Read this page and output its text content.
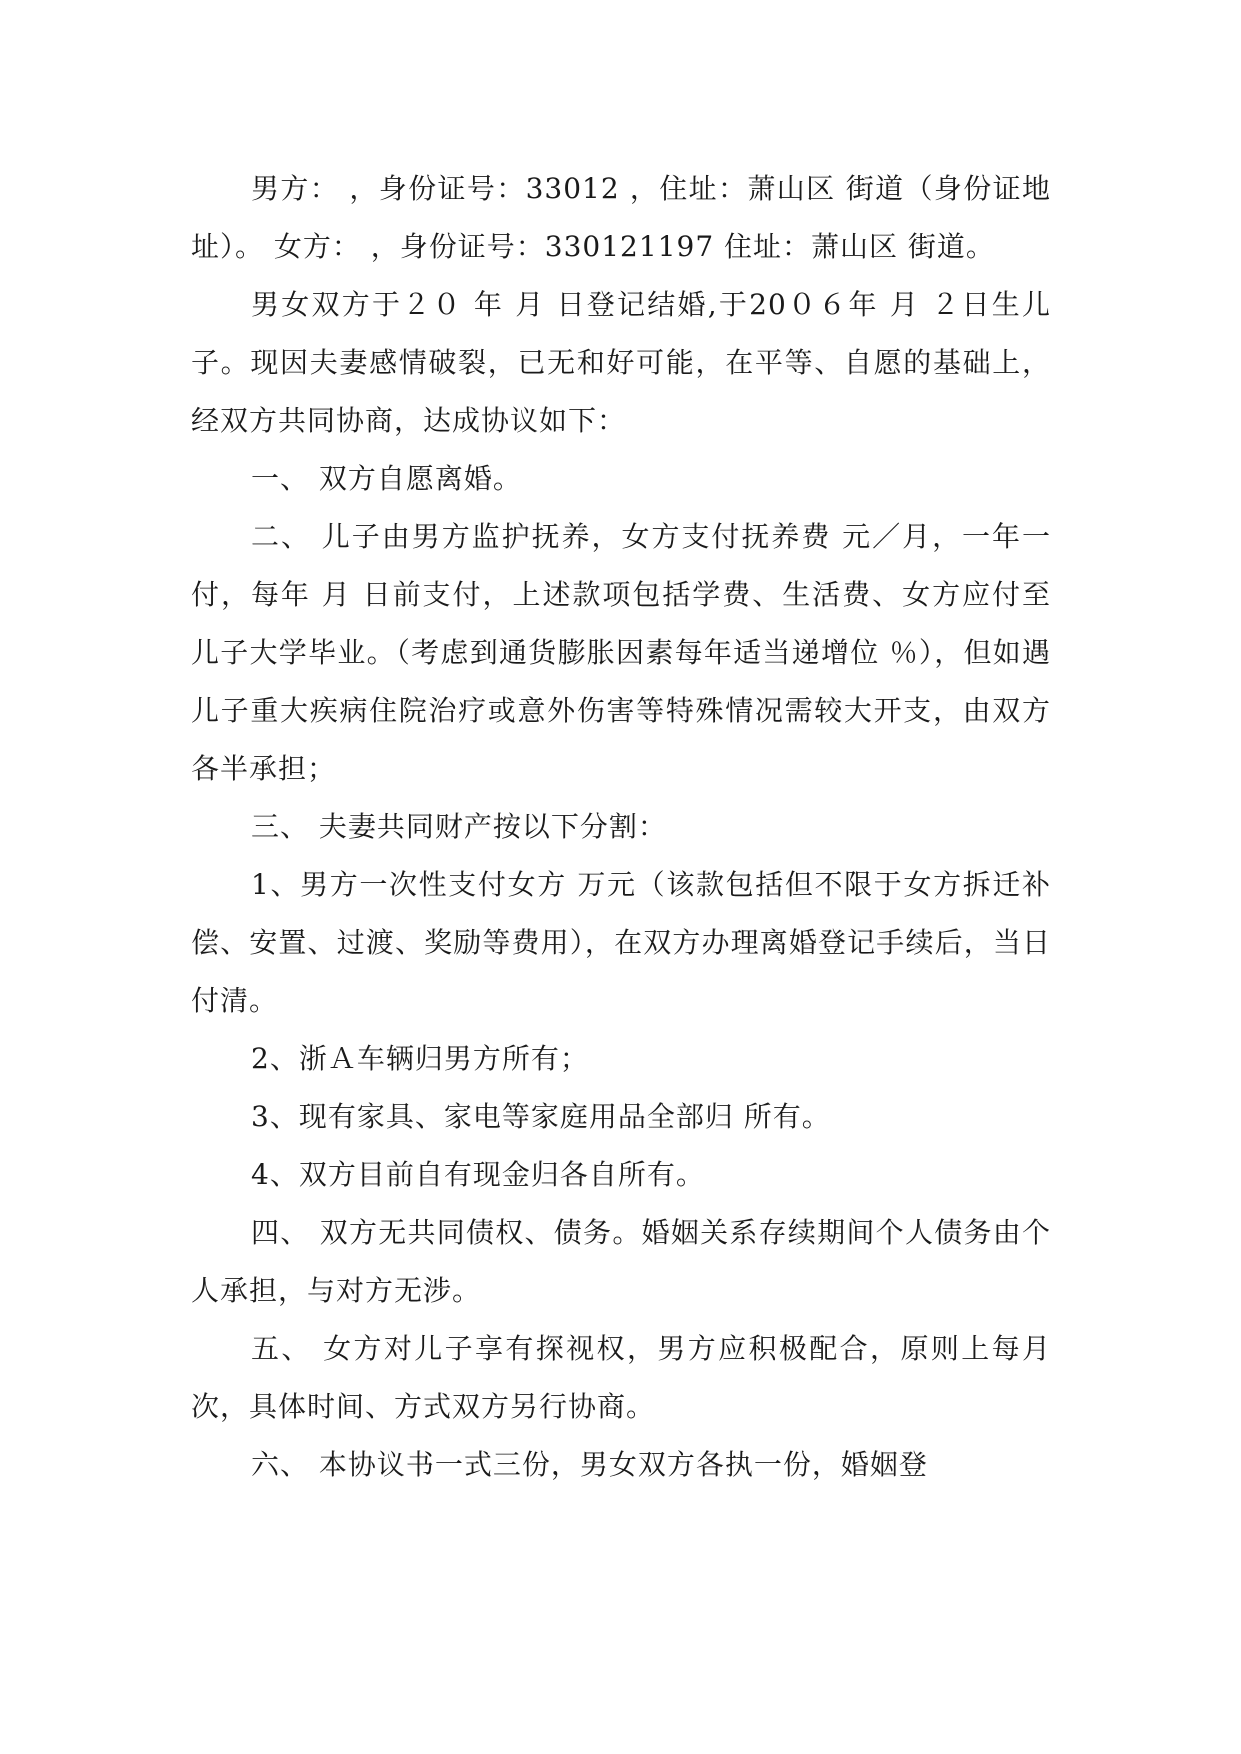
男方： ，身份证号：33012 ，住址：萧山区 街道（身份证地址）。 女方： ，身份证号：330121197 住址：萧山区 街道。

男女双方于２０ 年 月 日登记结婚,于20０６年 月 ２日生儿子。现因夫妻感情破裂，已无和好可能，在平等、自愿的基础上，经双方共同协商，达成协议如下：

一、 双方自愿离婚。

二、 儿子由男方监护抚养，女方支付抚养费 元／月，一年一付，每年 月 日前支付，上述款项包括学费、生活费、女方应付至儿子大学毕业。（考虑到通货膨胀因素每年适当递增位 ％），但如遇儿子重大疾病住院治疗或意外伤害等特殊情况需较大开支，由双方各半承担；

三、 夫妻共同财产按以下分割：

1、男方一次性支付女方 万元（该款包括但不限于女方拆迁补偿、安置、过渡、奖励等费用），在双方办理离婚登记手续后，当日付清。

2、浙Ａ车辆归男方所有；

3、现有家具、家电等家庭用品全部归 所有。

4、双方目前自有现金归各自所有。

四、 双方无共同债权、债务。婚姻关系存续期间个人债务由个人承担，与对方无涉。

五、 女方对儿子享有探视权，男方应积极配合，原则上每月次，具体时间、方式双方另行协商。

六、 本协议书一式三份，男女双方各执一份，婚姻登
